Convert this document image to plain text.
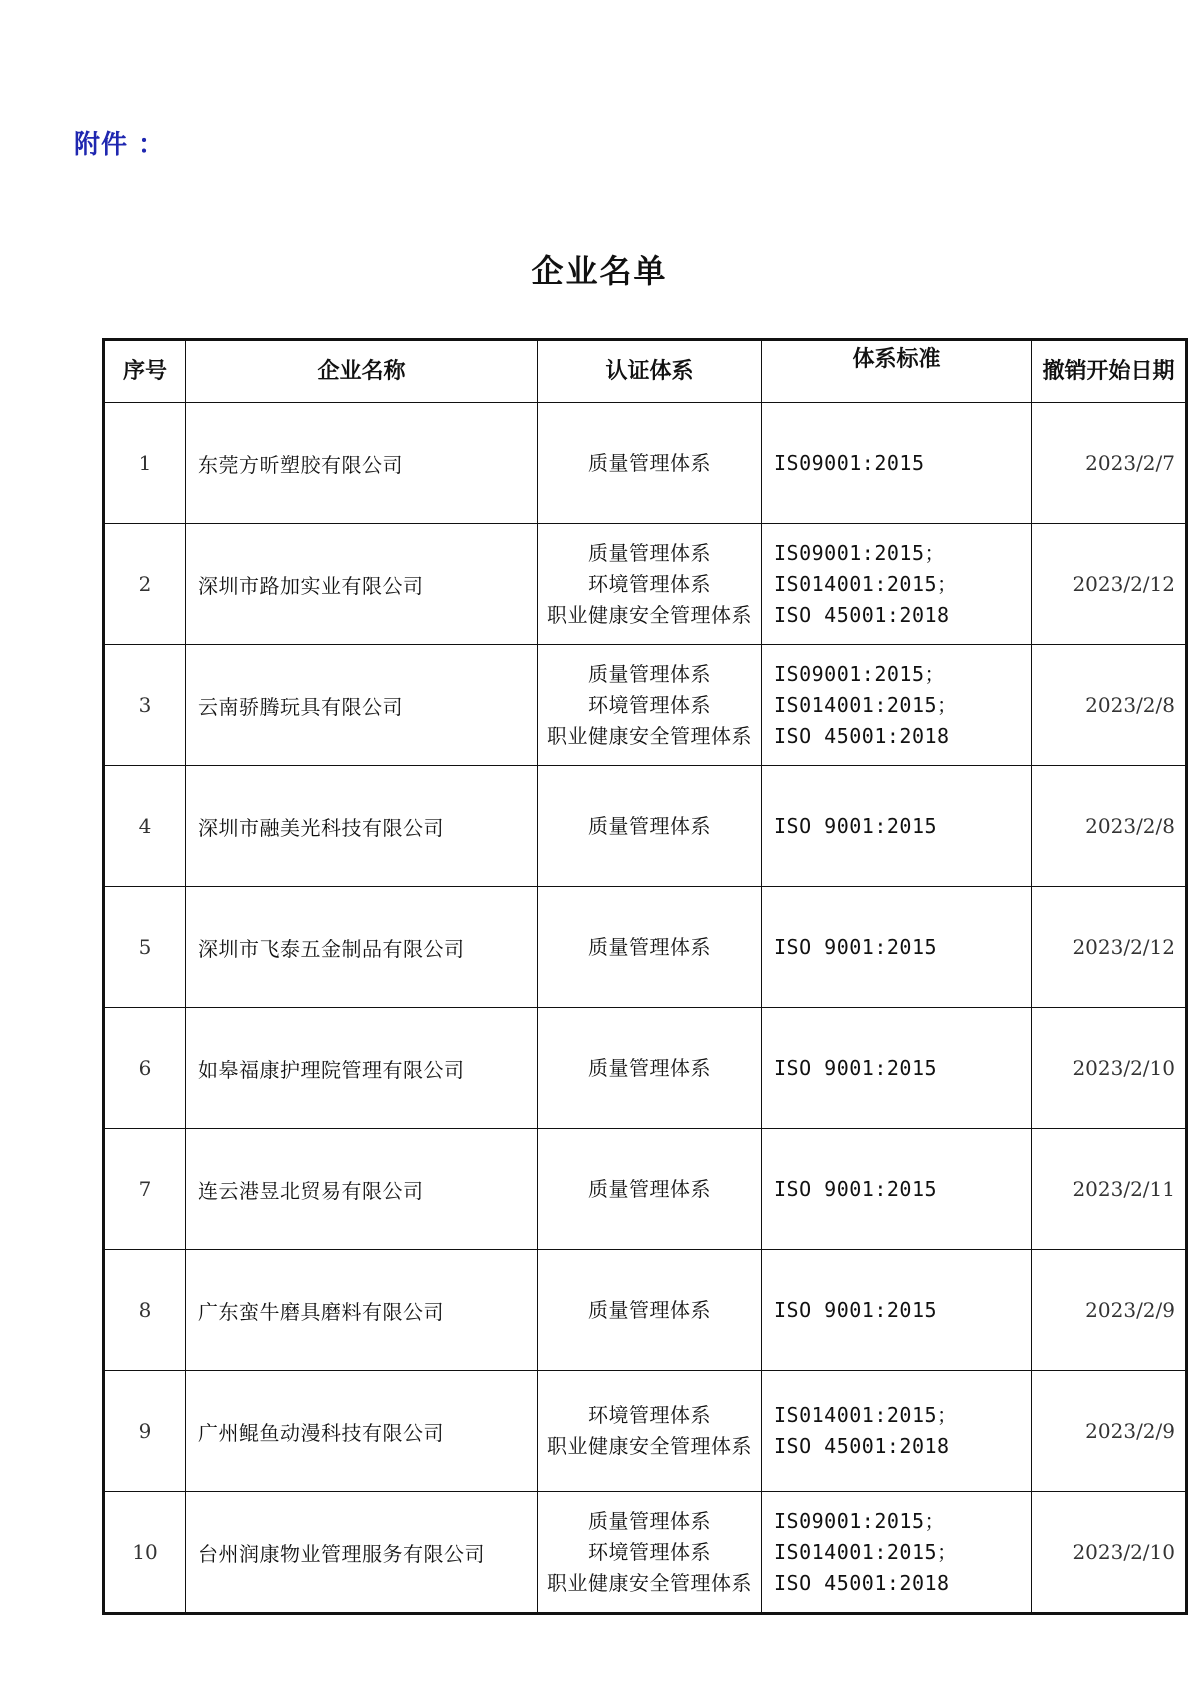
附件 ：
企业名单
序号	企业名称	认证体系	体系标准	撤销开始日期
1	东莞方昕塑胶有限公司	质量管理体系	IS09001:2015	2023/2/7
2	深圳市路加实业有限公司	质量管理体系
环境管理体系
职业健康安全管理体系	IS09001:2015；
IS014001:2015；
ISO 45001:2018	2023/2/12
3	云南骄腾玩具有限公司	质量管理体系
环境管理体系
职业健康安全管理体系	IS09001:2015；
IS014001:2015；
ISO 45001:2018	2023/2/8
4	深圳市融美光科技有限公司	质量管理体系	ISO 9001:2015	2023/2/8
5	深圳市飞泰五金制品有限公司	质量管理体系	ISO 9001:2015	2023/2/12
6	如皋福康护理院管理有限公司	质量管理体系	ISO 9001:2015	2023/2/10
7	连云港昱北贸易有限公司	质量管理体系	ISO 9001:2015	2023/2/11
8	广东蛮牛磨具磨料有限公司	质量管理体系	ISO 9001:2015	2023/2/9
9	广州鲲鱼动漫科技有限公司	环境管理体系
职业健康安全管理体系	IS014001:2015；
ISO 45001:2018	2023/2/9
10	台州润康物业管理服务有限公司	质量管理体系
环境管理体系
职业健康安全管理体系	IS09001:2015；
IS014001:2015；
ISO 45001:2018	2023/2/10
